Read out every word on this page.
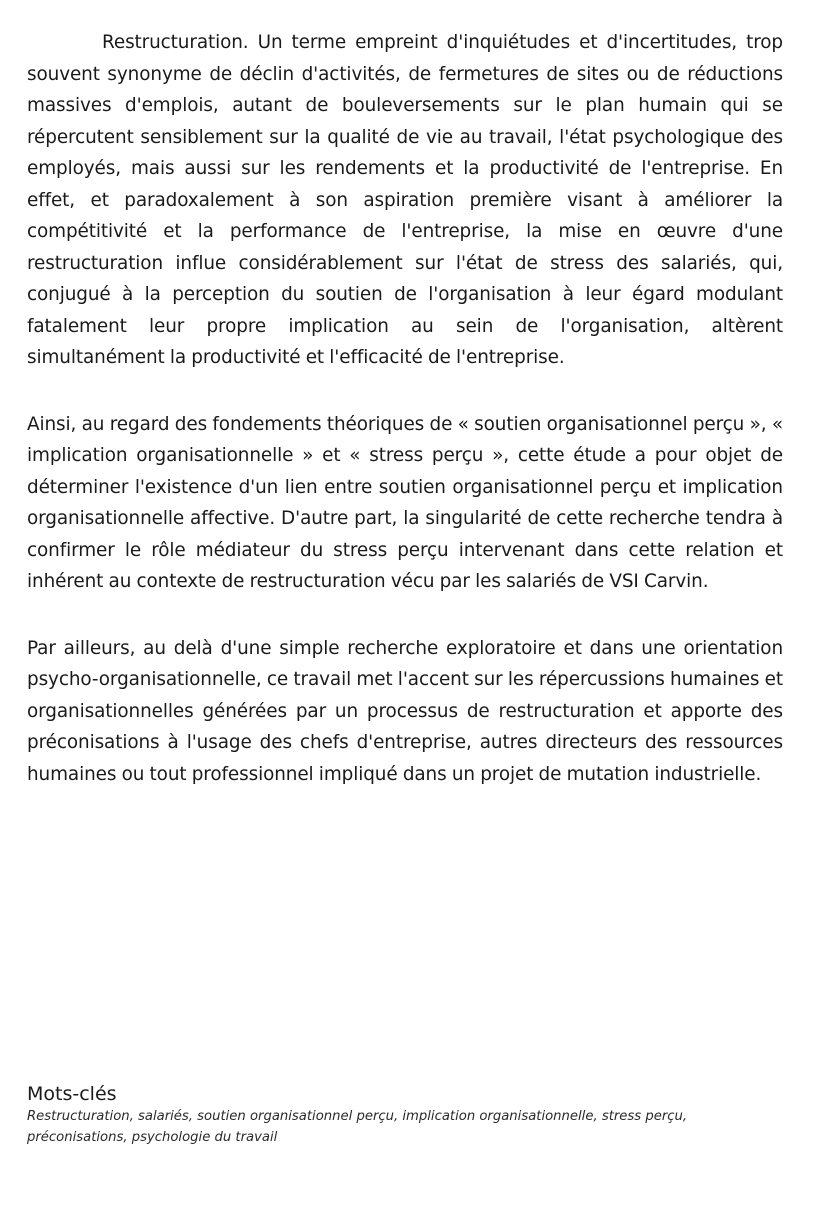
Restructuration. Un terme empreint d'inquiétudes et d'incertitudes, trop souvent synonyme de déclin d'activités, de fermetures de sites ou de réductions massives d'emplois, autant de bouleversements sur le plan humain qui se répercutent sensiblement sur la qualité de vie au travail, l'état psychologique des employés, mais aussi sur les rendements et la productivité de l'entreprise. En effet, et paradoxalement à son aspiration première visant à améliorer la compétitivité et la performance de l'entreprise, la mise en œuvre d'une restructuration influe considérablement sur l'état de stress des salariés, qui, conjugué à la perception du soutien de l'organisation à leur égard modulant fatalement leur propre implication au sein de l'organisation, altèrent simultanément la productivité et l'efficacité de l'entreprise.

Ainsi, au regard des fondements théoriques de « soutien organisationnel perçu », « implication organisationnelle » et « stress perçu », cette étude a pour objet de déterminer l'existence d'un lien entre soutien organisationnel perçu et implication organisationnelle affective. D'autre part, la singularité de cette recherche tendra à confirmer le rôle médiateur du stress perçu intervenant dans cette relation et inhérent au contexte de restructuration vécu par les salariés de VSI Carvin.

Par ailleurs, au delà d'une simple recherche exploratoire et dans une orientation psycho-organisationnelle, ce travail met l'accent sur les répercussions humaines et organisationnelles générées par un processus de restructuration et apporte des préconisations à l'usage des chefs d'entreprise, autres directeurs des ressources humaines ou tout professionnel impliqué dans un projet de mutation industrielle.

Mots-clés

Restructuration, salariés, soutien organisationnel perçu, implication organisationnelle, stress perçu, préconisations, psychologie du travail
